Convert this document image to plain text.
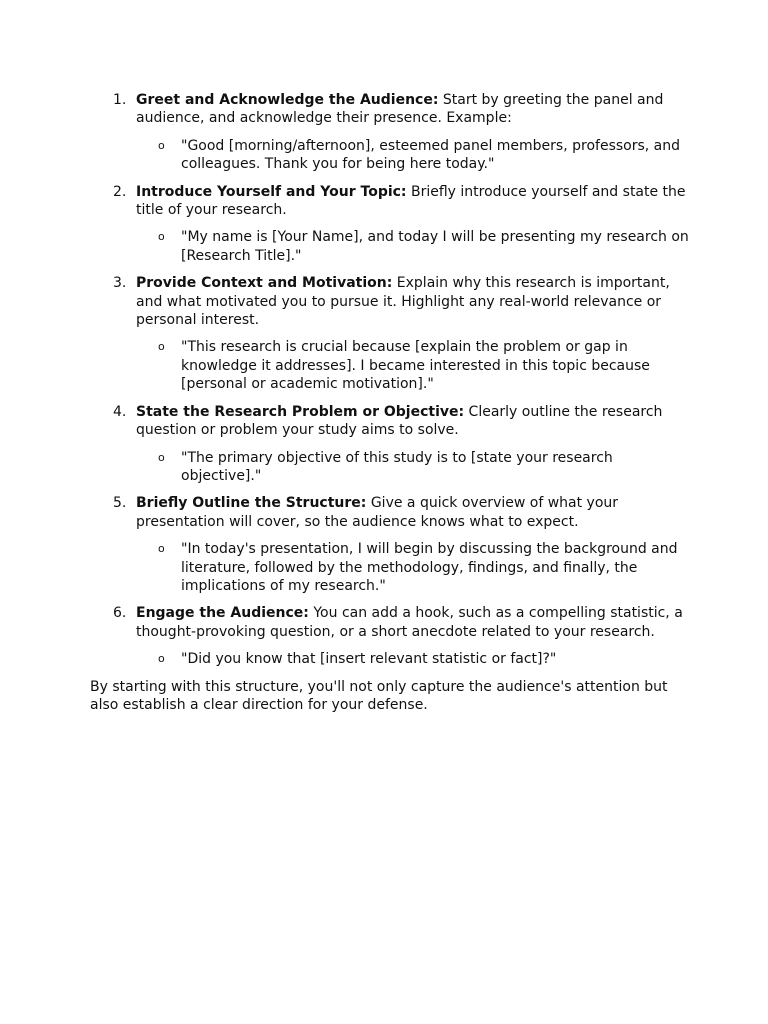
1. Greet and Acknowledge the Audience: Start by greeting the panel and audience, and acknowledge their presence. Example:

o "Good [morning/afternoon], esteemed panel members, professors, and colleagues. Thank you for being here today."
2. Introduce Yourself and Your Topic: Briefly introduce yourself and state the title of your research.

o "My name is [Your Name], and today I will be presenting my research on [Research Title]."
3. Provide Context and Motivation: Explain why this research is important, and what motivated you to pursue it. Highlight any real-world relevance or personal interest.

o "This research is crucial because [explain the problem or gap in knowledge it addresses]. I became interested in this topic because [personal or academic motivation]."
4. State the Research Problem or Objective: Clearly outline the research question or problem your study aims to solve.

o "The primary objective of this study is to [state your research objective]."
5. Briefly Outline the Structure: Give a quick overview of what your presentation will cover, so the audience knows what to expect.

o "In today's presentation, I will begin by discussing the background and literature, followed by the methodology, findings, and finally, the implications of my research."
6. Engage the Audience: You can add a hook, such as a compelling statistic, a thought-provoking question, or a short anecdote related to your research.

o "Did you know that [insert relevant statistic or fact]?"

By starting with this structure, you'll not only capture the audience's attention but also establish a clear direction for your defense.
